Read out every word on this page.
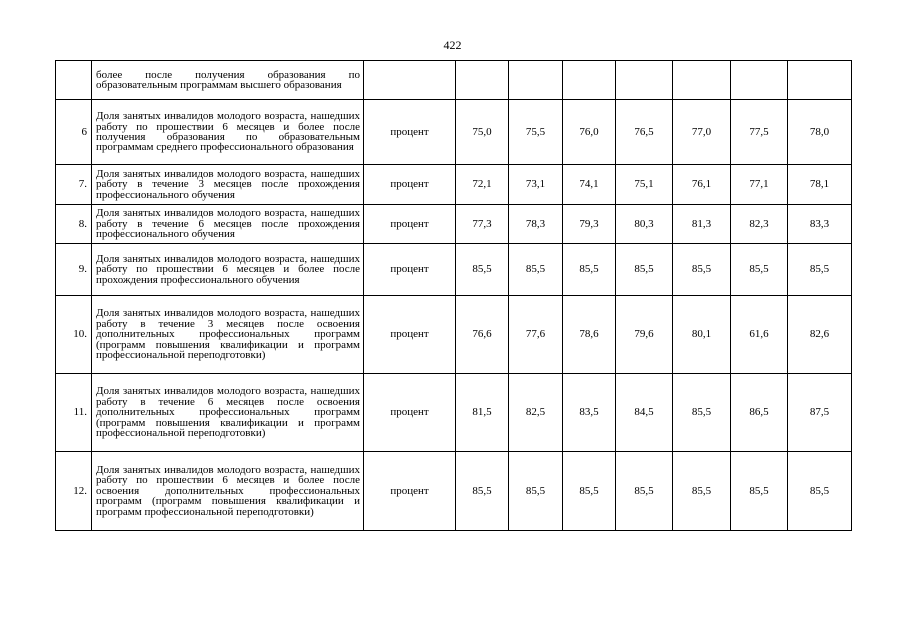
422
	более после получения образования по образовательным программам высшего образования								
6	Доля занятых инвалидов молодого возраста, нашедших работу по прошествии 6 месяцев и более после получения образования по образовательным программам среднего профессионального образования	процент	75,0	75,5	76,0	76,5	77,0	77,5	78,0
7.	Доля занятых инвалидов молодого возраста, нашедших работу в течение 3 месяцев после прохождения профессионального обучения	процент	72,1	73,1	74,1	75,1	76,1	77,1	78,1
8.	Доля занятых инвалидов молодого возраста, нашедших работу в течение 6 месяцев после прохождения профессионального обучения	процент	77,3	78,3	79,3	80,3	81,3	82,3	83,3
9.	Доля занятых инвалидов молодого возраста, нашедших работу по прошествии 6 месяцев и более после прохождения профессионального обучения	процент	85,5	85,5	85,5	85,5	85,5	85,5	85,5
10.	Доля занятых инвалидов молодого возраста, нашедших работу в течение 3 месяцев после освоения дополнительных профессиональных программ (программ повышения квалификации и программ профессиональной переподготовки)	процент	76,6	77,6	78,6	79,6	80,1	61,6	82,6
11.	Доля занятых инвалидов молодого возраста, нашедших работу в течение 6 месяцев после освоения дополнительных профессиональных программ (программ повышения квалификации и программ профессиональной переподготовки)	процент	81,5	82,5	83,5	84,5	85,5	86,5	87,5
12.	Доля занятых инвалидов молодого возраста, нашедших работу по прошествии 6 месяцев и более после освоения дополнительных профессиональных программ (программ повышения квалификации и программ профессиональной переподготовки)	процент	85,5	85,5	85,5	85,5	85,5	85,5	85,5
